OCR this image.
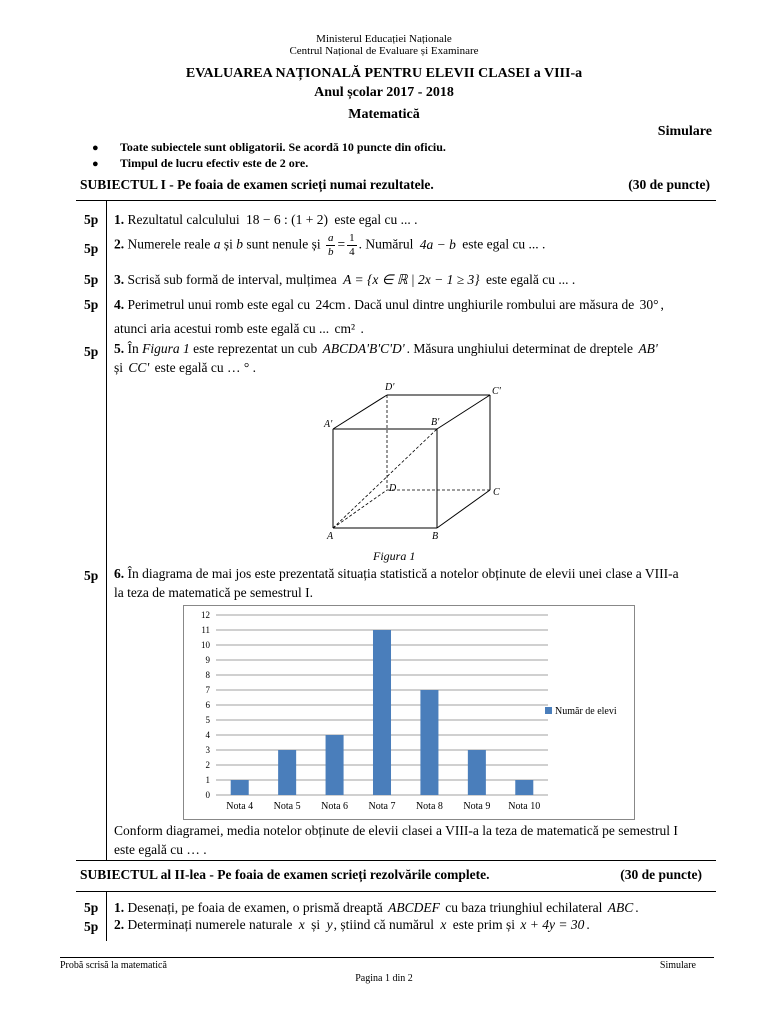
Ministerul Educației Naționale
Centrul Național de Evaluare și Examinare
EVALUAREA NAȚIONALĂ PENTRU ELEVII CLASEI a VIII-a
Anul școlar 2017 - 2018
Matematică
Simulare
● Toate subiectele sunt obligatorii. Se acordă 10 puncte din oficiu.
● Timpul de lucru efectiv este de 2 ore.
SUBIECTUL I - Pe foaia de examen scrieți numai rezultatele.	(30 de puncte)
5p 1. Rezultatul calculului 18 − 6 : (1 + 2) este egal cu ... .
5p 2. Numerele reale a și b sunt nenule și $\frac{a}{b} = \frac{1}{4}$ . Numărul 4a − b este egal cu ... .
5p 3. Scrisă sub formă de interval, mulțimea A = {x ∈ ℝ | 2x − 1 ≥ 3} este egală cu ... .
5p 4. Perimetrul unui romb este egal cu 24cm . Dacă unul dintre unghiurile rombului are măsura de 30° ,
atunci aria acestui romb este egală cu ... cm² .
5p 5. În Figura 1 este reprezentat un cub ABCDA'B'C'D' . Măsura unghiului determinat de dreptele AB'
și CC' este egală cu … ° .
D'	C'
A'	B'
D	C
A	B
Figura 1
5p 6. În diagrama de mai jos este prezentată situația statistică a notelor obținute de elevii unei clase a VIII-a
la teza de matematică pe semestrul I.
0
1
2
3
4
5
6
7
8
9
10
11
12
Nota 4 Nota 5 Nota 6 Nota 7 Nota 8 Nota 9 Nota 10
Număr de elevi
Conform diagramei, media notelor obținute de elevii clasei a VIII-a la teza de matematică pe semestrul I
este egală cu … .
SUBIECTUL al II-lea - Pe foaia de examen scrieți rezolvările complete.	(30 de puncte)
5p 1. Desenați, pe foaia de examen, o prismă dreaptă ABCDEF cu baza triunghiul echilateral ABC .
5p 2. Determinați numerele naturale x și y, știind că numărul x este prim și x + 4y = 30 .
Probă scrisă la matematică	Simulare
Pagina 1 din 2
